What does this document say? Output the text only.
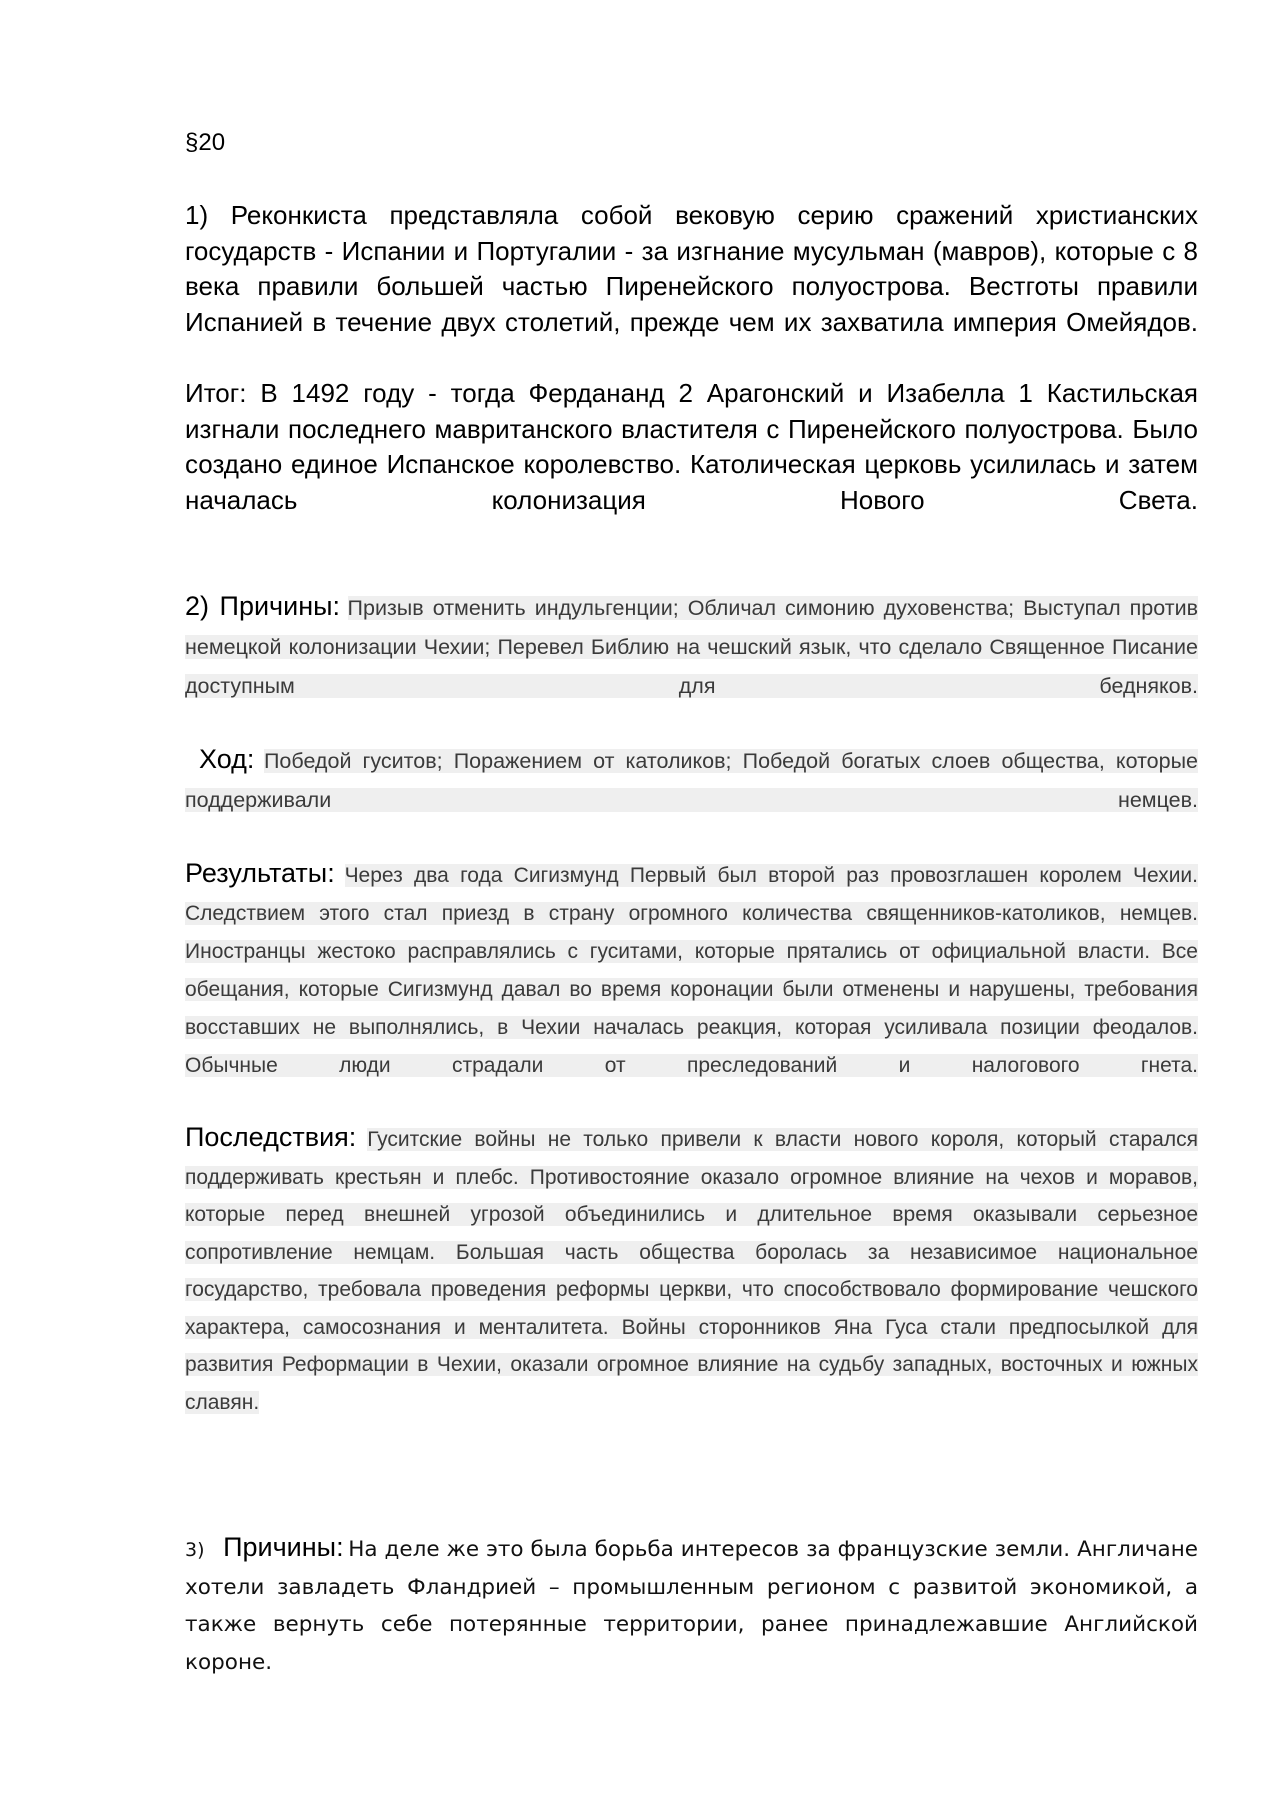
§20

1) Реконкиста представляла собой вековую серию сражений христианских государств - Испании и Португалии - за изгнание мусульман (мавров), которые с 8 века правили большей частью Пиренейского полуострова. Вестготы правили Испанией в течение двух столетий, прежде чем их захватила империя Омейядов.

Итог: В 1492 году - тогда Ферданaнд 2 Арагонский и Изабелла 1 Кастильская изгнали последнего мавританского властителя с Пиренейского полуострова. Было создано единое Испанское королевство. Католическая церковь усилилась и затем началась колонизация Нового Света.

2) Причины: Призыв отменить индульгенции; Обличал симонию духовенства; Выступал против немецкой колонизации Чехии; Перевел Библию на чешский язык, что сделало Священное Писание доступным для бедняков.

Ход: Победой гуситов; Поражением от католиков; Победой богатых слоев общества, которые поддерживали немцев.

Результаты: Через два года Сигизмунд Первый был второй раз провозглашен королем Чехии. Следствием этого стал приезд в страну огромного количества священников-католиков, немцев. Иностранцы жестоко расправлялись с гуситами, которые прятались от официальной власти. Все обещания, которые Сигизмунд давал во время коронации были отменены и нарушены, требования восставших не выполнялись, в Чехии началась реакция, которая усиливала позиции феодалов. Обычные люди страдали от преследований и налогового гнета.

Последствия: Гуситские войны не только привели к власти нового короля, который старался поддерживать крестьян и плебс. Противостояние оказало огромное влияние на чехов и моравов, которые перед внешней угрозой объединились и длительное время оказывали серьезное сопротивление немцам. Большая часть общества боролась за независимое национальное государство, требовала проведения реформы церкви, что способствовало формирование чешского характера, самосознания и менталитета. Войны сторонников Яна Гуса стали предпосылкой для развития Реформации в Чехии, оказали огромное влияние на судьбу западных, восточных и южных славян.

3) Причины: На деле же это была борьба интересов за французские земли. Англичане хотели завладеть Фландрией – промышленным регионом с развитой экономикой, а также вернуть себе потерянные территории, ранее принадлежавшие Английской короне.
